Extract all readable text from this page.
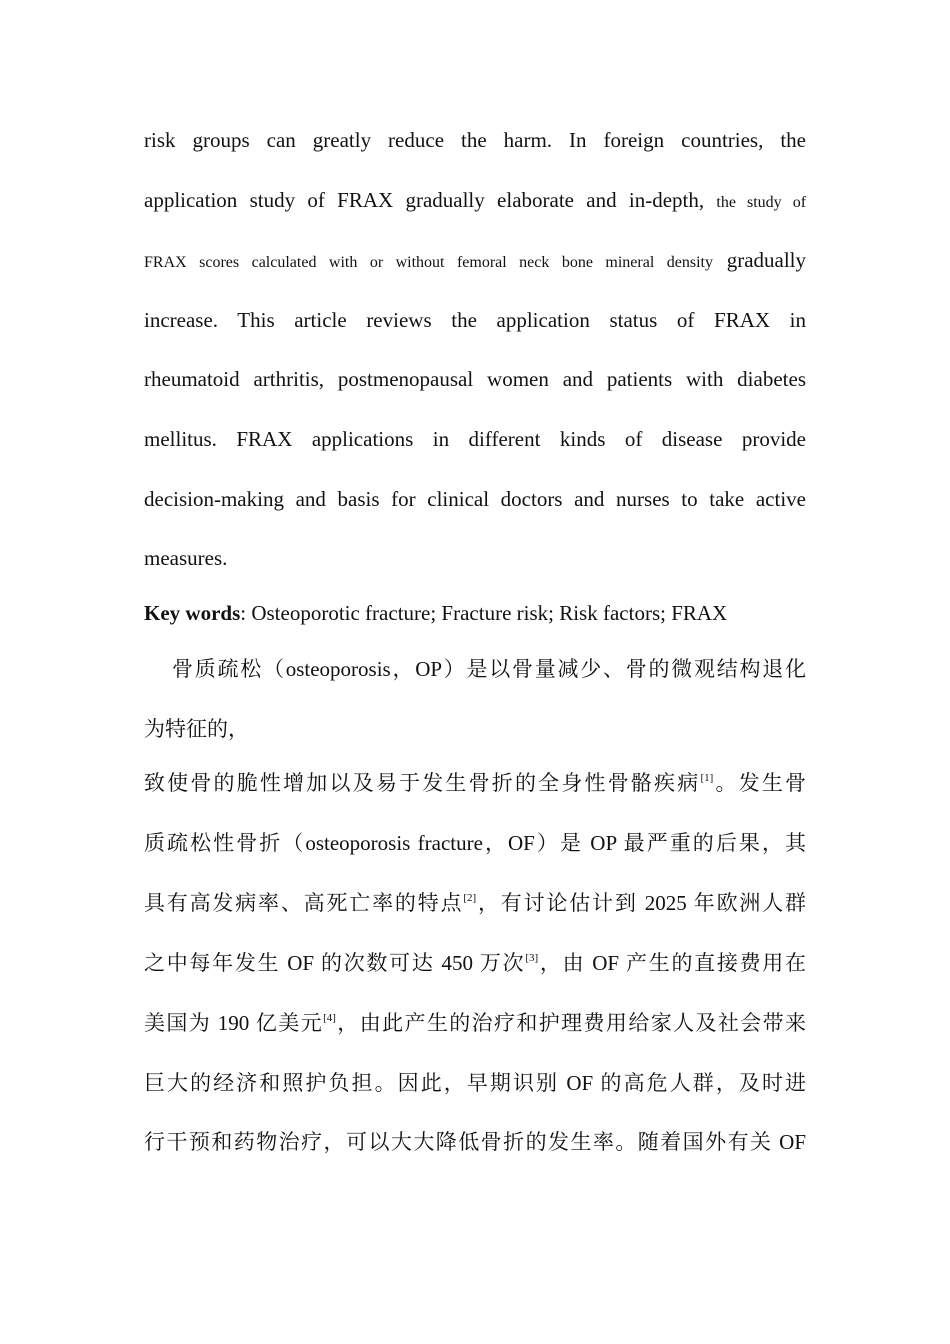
risk groups can greatly reduce the harm. In foreign countries, the
application study of FRAX gradually elaborate and in-depth, the study of
FRAX scores calculated with or without femoral neck bone mineral density gradually
increase. This article reviews the application status of FRAX in
rheumatoid arthritis, postmenopausal women and patients with diabetes
mellitus. FRAX applications in different kinds of disease provide
decision-making and basis for clinical doctors and nurses to take active
measures.
Key words: Osteoporotic fracture; Fracture risk; Risk factors; FRAX
骨质疏松（osteoporosis，OP）是以骨量减少、骨的微观结构退化
为特征的，
致使骨的脆性增加以及易于发生骨折的全身性骨骼疾病[1]。发生骨
质疏松性骨折（osteoporosis fracture，OF）是 OP 最严重的后果，其
具有高发病率、高死亡率的特点[2]，有讨论估计到 2025 年欧洲人群
之中每年发生 OF 的次数可达 450 万次[3]，由 OF 产生的直接费用在
美国为 190 亿美元[4]，由此产生的治疗和护理费用给家人及社会带来
巨大的经济和照护负担。因此，早期识别 OF 的高危人群，及时进
行干预和药物治疗，可以大大降低骨折的发生率。随着国外有关 OF
